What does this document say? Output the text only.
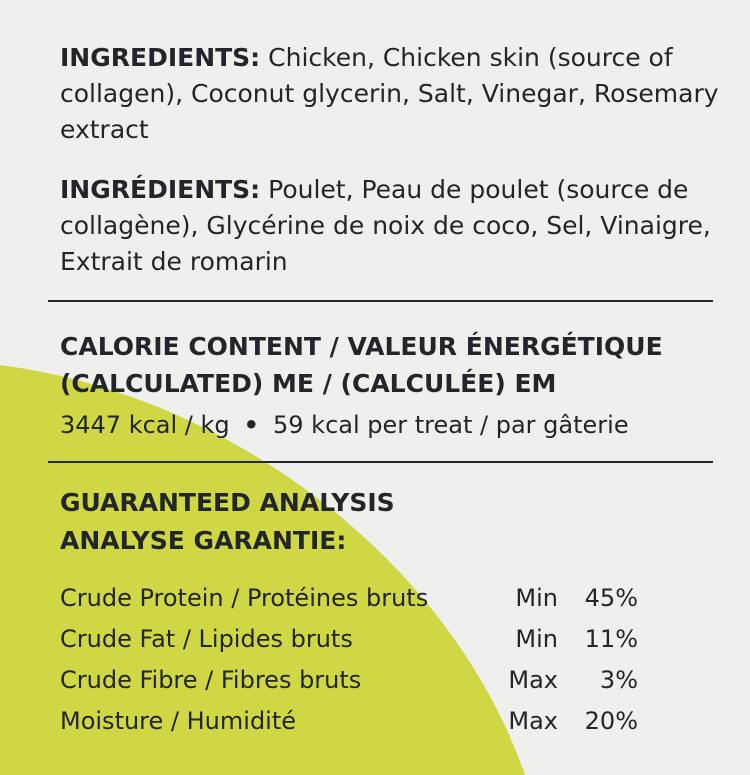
INGREDIENTS: Chicken, Chicken skin (source of collagen), Coconut glycerin, Salt, Vinegar, Rosemary extract

INGRÉDIENTS: Poulet, Peau de poulet (source de collagène), Glycérine de noix de coco, Sel, Vinaigre, Extrait de romarin

CALORIE CONTENT / VALEUR ÉNERGÉTIQUE
(CALCULATED) ME / (CALCULÉE) EM
3447 kcal / kg • 59 kcal per treat / par gâterie
GUARANTEED ANALYSIS
ANALYSE GARANTIE:
Crude Protein / Protéines bruts	Min 45%
Crude Fat / Lipides bruts	Min 11%
Crude Fibre / Fibres bruts	Max 3%
Moisture / Humidité	Max 20%
